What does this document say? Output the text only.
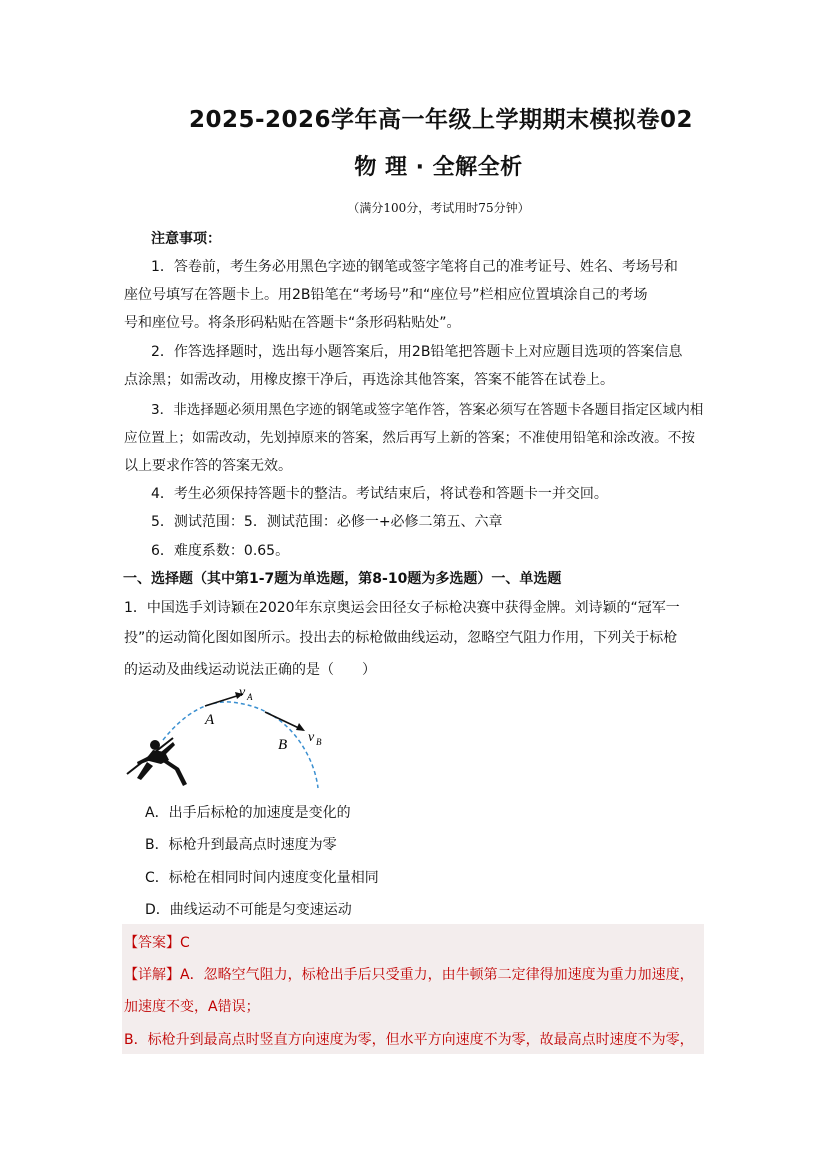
2025-2026学年高一年级上学期期末模拟卷02
物 理 · 全解全析
（满分100分，考试用时75分钟）
注意事项：
1．答卷前，考生务必用黑色字迹的钢笔或签字笔将自己的准考证号、姓名、考场号和
座位号填写在答题卡上。用2B铅笔在“考场号”和“座位号”栏相应位置填涂自己的考场
号和座位号。将条形码粘贴在答题卡“条形码粘贴处”。
2．作答选择题时，选出每小题答案后，用2B铅笔把答题卡上对应题目选项的答案信息
点涂黑；如需改动，用橡皮擦干净后，再选涂其他答案，答案不能答在试卷上。
3．非选择题必须用黑色字迹的钢笔或签字笔作答，答案必须写在答题卡各题目指定区域内相
应位置上；如需改动，先划掉原来的答案，然后再写上新的答案；不准使用铅笔和涂改液。不按
以上要求作答的答案无效。
4．考生必须保持答题卡的整洁。考试结束后，将试卷和答题卡一并交回。
5．测试范围：5．测试范围：必修一+必修二第五、六章
6．难度系数：0.65。
一、选择题（其中第1-7题为单选题，第8-10题为多选题）一、单选题
1．中国选手刘诗颖在2020年东京奥运会田径女子标枪决赛中获得金牌。刘诗颖的“冠军一
投”的运动简化图如图所示。投出去的标枪做曲线运动，忽略空气阻力作用，下列关于标枪
的运动及曲线运动说法正确的是（　　）
v A
A
v B
B
A．出手后标枪的加速度是变化的
B．标枪升到最高点时速度为零
C．标枪在相同时间内速度变化量相同
D．曲线运动不可能是匀变速运动
【答案】C
【详解】A．忽略空气阻力，标枪出手后只受重力，由牛顿第二定律得加速度为重力加速度，
加速度不变，A错误；
B．标枪升到最高点时竖直方向速度为零，但水平方向速度不为零，故最高点时速度不为零，
